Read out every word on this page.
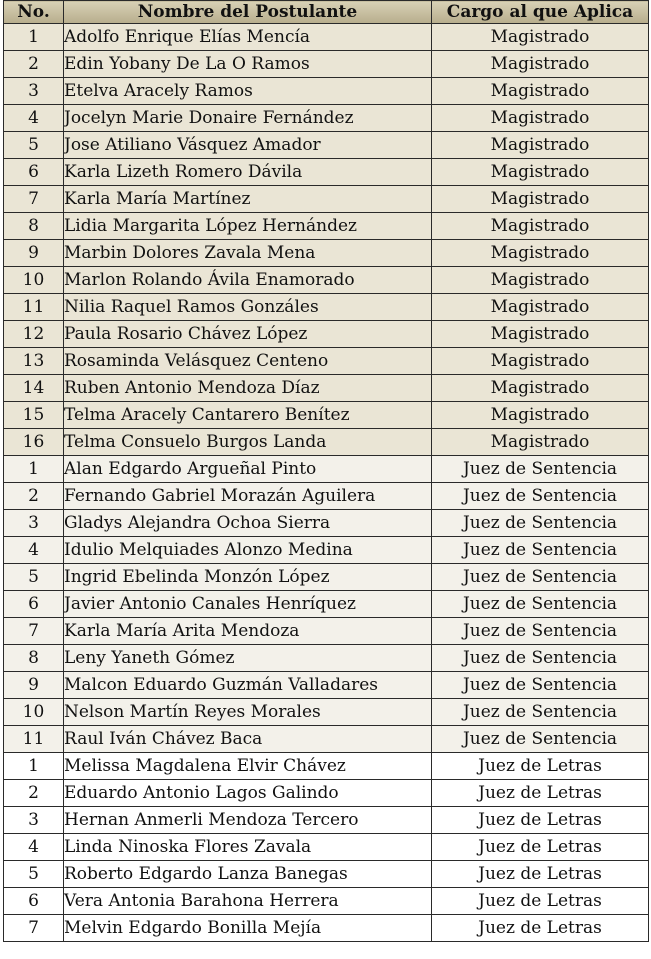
No.	Nombre del Postulante	Cargo al que Aplica
1	Adolfo Enrique Elías Mencía	Magistrado
2	Edin Yobany De La O Ramos	Magistrado
3	Etelva Aracely Ramos	Magistrado
4	Jocelyn Marie Donaire Fernández	Magistrado
5	Jose Atiliano Vásquez Amador	Magistrado
6	Karla Lizeth Romero Dávila	Magistrado
7	Karla María Martínez	Magistrado
8	Lidia Margarita López Hernández	Magistrado
9	Marbin Dolores Zavala Mena	Magistrado
10	Marlon Rolando Ávila Enamorado	Magistrado
11	Nilia Raquel Ramos Gonzáles	Magistrado
12	Paula Rosario Chávez López	Magistrado
13	Rosaminda Velásquez Centeno	Magistrado
14	Ruben Antonio Mendoza Díaz	Magistrado
15	Telma Aracely Cantarero Benítez	Magistrado
16	Telma Consuelo Burgos Landa	Magistrado
1	Alan Edgardo Argueñal Pinto	Juez de Sentencia
2	Fernando Gabriel Morazán Aguilera	Juez de Sentencia
3	Gladys Alejandra Ochoa Sierra	Juez de Sentencia
4	Idulio Melquiades Alonzo Medina	Juez de Sentencia
5	Ingrid Ebelinda Monzón López	Juez de Sentencia
6	Javier Antonio Canales Henríquez	Juez de Sentencia
7	Karla María Arita Mendoza	Juez de Sentencia
8	Leny Yaneth Gómez	Juez de Sentencia
9	Malcon Eduardo Guzmán Valladares	Juez de Sentencia
10	Nelson Martín Reyes Morales	Juez de Sentencia
11	Raul Iván Chávez Baca	Juez de Sentencia
1	Melissa Magdalena Elvir Chávez	Juez de Letras
2	Eduardo Antonio Lagos Galindo	Juez de Letras
3	Hernan Anmerli Mendoza Tercero	Juez de Letras
4	Linda Ninoska Flores Zavala	Juez de Letras
5	Roberto Edgardo Lanza Banegas	Juez de Letras
6	Vera Antonia Barahona Herrera	Juez de Letras
7	Melvin Edgardo Bonilla Mejía	Juez de Letras
